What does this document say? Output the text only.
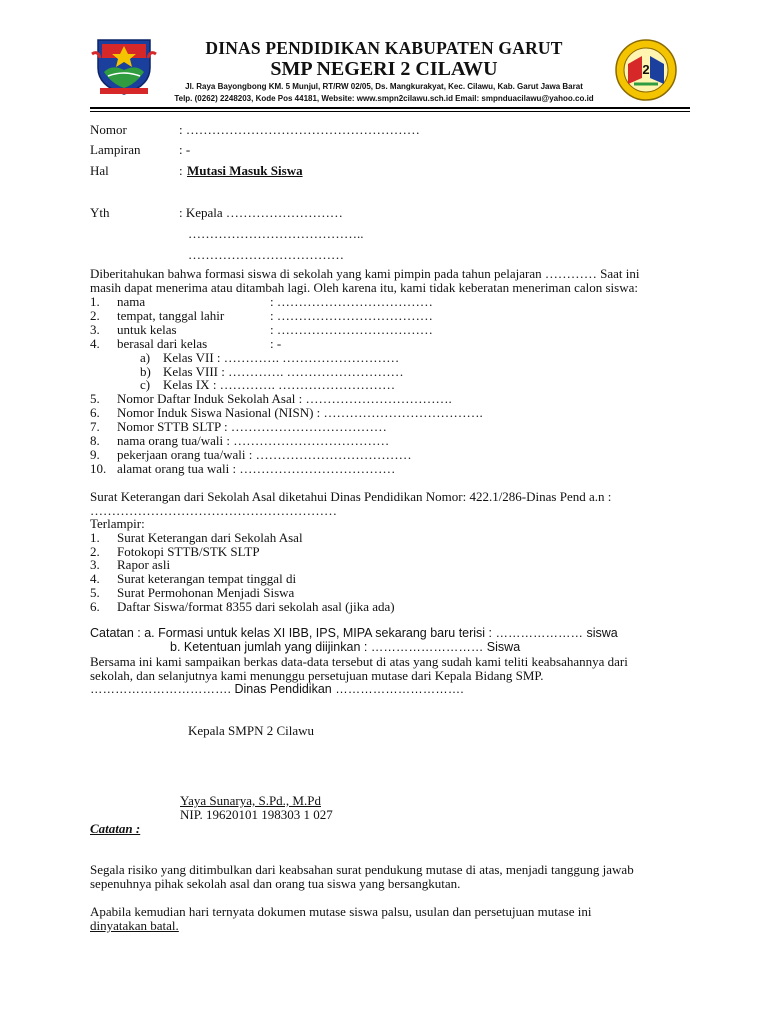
2
DINAS PENDIDIKAN KABUPATEN GARUT
SMP NEGERI 2 CILAWU
Jl. Raya Bayongbong KM. 5 Munjul, RT/RW 02/05, Ds. Mangkurakyat, Kec. Cilawu, Kab. Garut Jawa Barat
Telp. (0262) 2248203, Kode Pos 44181, Website: www.smpn2cilawu.sch.id Email: smpnduacilawu@yahoo.co.id
Nomor	: ………………………………………………
Lampiran	: -
Hal	: Mutasi Masuk Siswa
Yth	: Kepala ………………………
…………………………………..
………………………………
Diberitahukan bahwa formasi siswa di sekolah yang kami pimpin pada tahun pelajaran ………… Saat ini
masih dapat menerima atau ditambah lagi. Oleh karena itu, kami tidak keberatan meneriman calon siswa:
1. nama	: ………………………………
2. tempat, tanggal lahir	: ………………………………
3. untuk kelas	: ………………………………
4. berasal dari kelas	: -
a) Kelas VII : …………. ………………………
b) Kelas VIII : …………. ………………………
c) Kelas IX : …………. ………………………
5. Nomor Daftar Induk Sekolah Asal : …………………………….
6. Nomor Induk Siswa Nasional (NISN) : ……………………………….
7. Nomor STTB SLTP : ………………………………
8. nama orang tua/wali : ………………………………
9. pekerjaan orang tua/wali : ………………………………
10. alamat orang tua wali : ………………………………
Surat Keterangan dari Sekolah Asal diketahui Dinas Pendidikan Nomor: 422.1/286-Dinas Pend a.n :
…………………………………………………
Terlampir:
1. Surat Keterangan dari Sekolah Asal
2. Fotokopi STTB/STK SLTP
3. Rapor asli
4. Surat keterangan tempat tinggal di
5. Surat Permohonan Menjadi Siswa
6. Daftar Siswa/format 8355 dari sekolah asal (jika ada)
Catatan : a. Formasi untuk kelas XI IBB, IPS, MIPA sekarang baru terisi : ………………… siswa
b. Ketentuan jumlah yang diijinkan : ……………………… Siswa
Bersama ini kami sampaikan berkas data-data tersebut di atas yang sudah kami teliti keabsahannya dari
sekolah, dan selanjutnya kami menunggu persetujuan mutase dari Kepala Bidang SMP.
……………………………. Dinas Pendidikan ………………………….
Kepala SMPN 2 Cilawu
Yaya Sunarya, S.Pd., M.Pd
NIP. 19620101 198303 1 027
Catatan :
Segala risiko yang ditimbulkan dari keabsahan surat pendukung mutase di atas, menjadi tanggung jawab
sepenuhnya pihak sekolah asal dan orang tua siswa yang bersangkutan.
Apabila kemudian hari ternyata dokumen mutase siswa palsu, usulan dan persetujuan mutase ini
dinyatakan batal.
